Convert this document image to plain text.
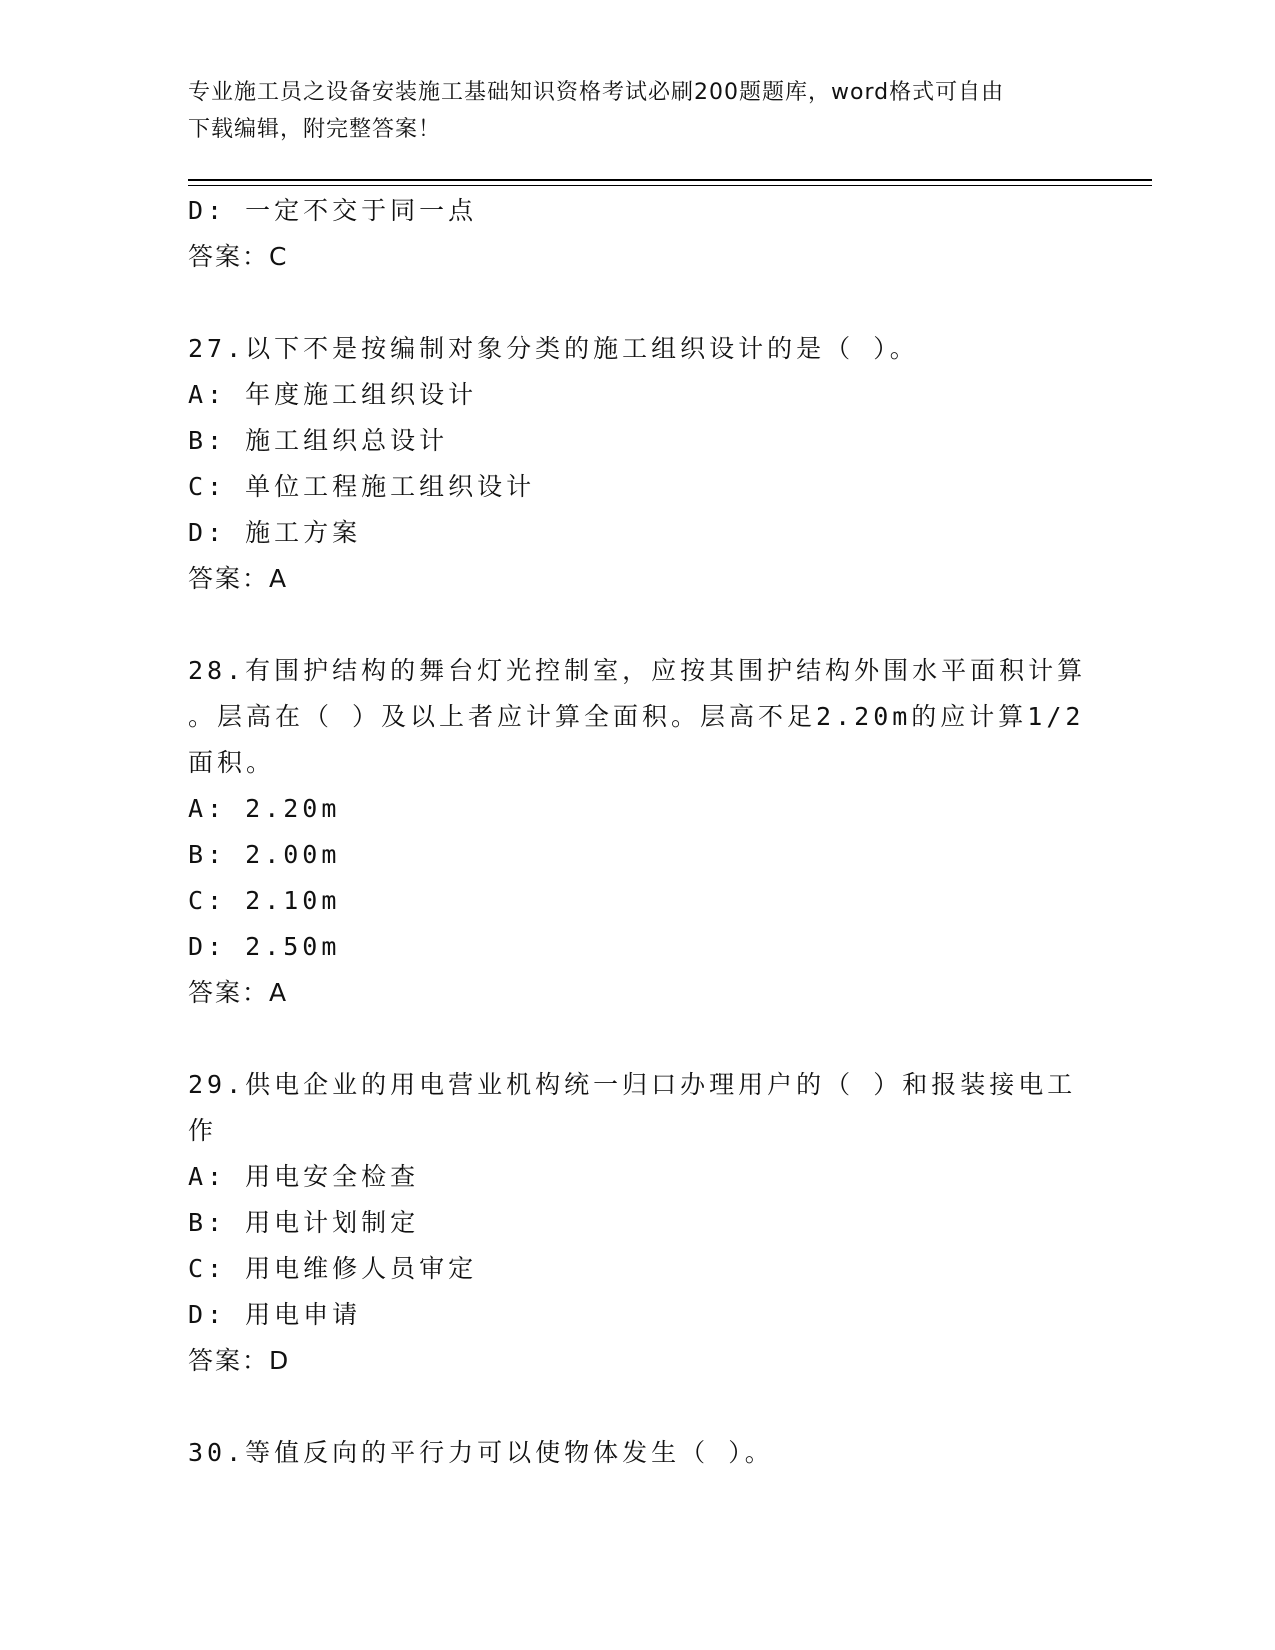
专业施工员之设备安装施工基础知识资格考试必刷200题题库，word格式可自由
下载编辑，附完整答案！
D: 一定不交于同一点
答案：C
27.以下不是按编制对象分类的施工组织设计的是（ ）。
A: 年度施工组织设计
B: 施工组织总设计
C: 单位工程施工组织设计
D: 施工方案
答案：A
28.有围护结构的舞台灯光控制室，应按其围护结构外围水平面积计算
。层高在（ ）及以上者应计算全面积。层高不足2.20m的应计算1/2
面积。
A: 2.20m
B: 2.00m
C: 2.10m
D: 2.50m
答案：A
29.供电企业的用电营业机构统一归口办理用户的（ ）和报装接电工
作
A: 用电安全检查
B: 用电计划制定
C: 用电维修人员审定
D: 用电申请
答案：D
30.等值反向的平行力可以使物体发生（ ）。
